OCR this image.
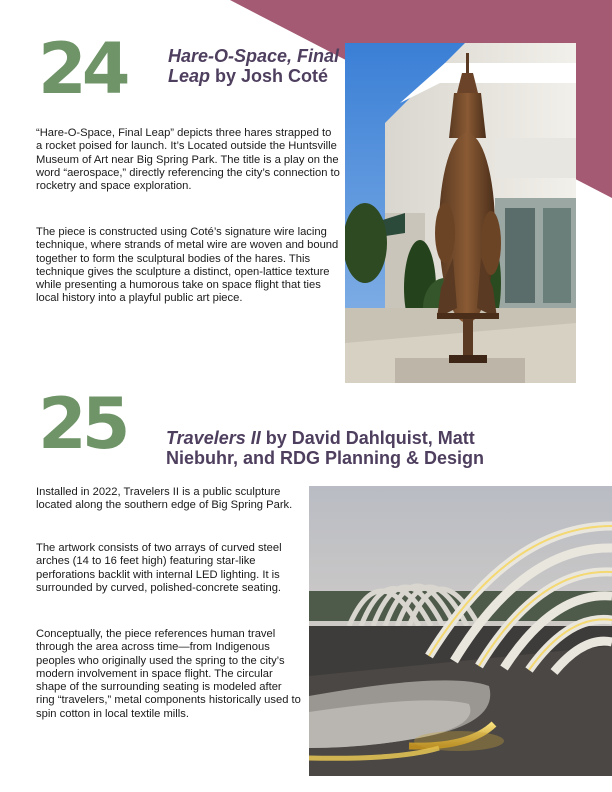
24 Hare-O-Space, Final Leap by Josh Coté

“Hare-O-Space, Final Leap” depicts three hares strapped to a rocket poised for launch. It’s Located outside the Huntsville Museum of Art near Big Spring Park. The title is a play on the word “aerospace,” directly referencing the city’s connection to rocketry and space exploration.

The piece is constructed using Coté’s signature wire lacing technique, where strands of metal wire are woven and bound together to form the sculptural bodies of the hares. This technique gives the sculpture a distinct, open-lattice texture while presenting a humorous take on space flight that ties local history into a playful public art piece.

25 Travelers II by David Dahlquist, Matt Niebuhr, and RDG Planning & Design

Installed in 2022, Travelers II is a public sculpture located along the southern edge of Big Spring Park.

The artwork consists of two arrays of curved steel arches (14 to 16 feet high) featuring star-like perforations backlit with internal LED lighting. It is surrounded by curved, polished-concrete seating.

Conceptually, the piece references human travel through the area across time—from Indigenous peoples who originally used the spring to the city’s modern involvement in space flight. The circular shape of the surrounding seating is modeled after ring “travelers,” metal components historically used to spin cotton in local textile mills.
